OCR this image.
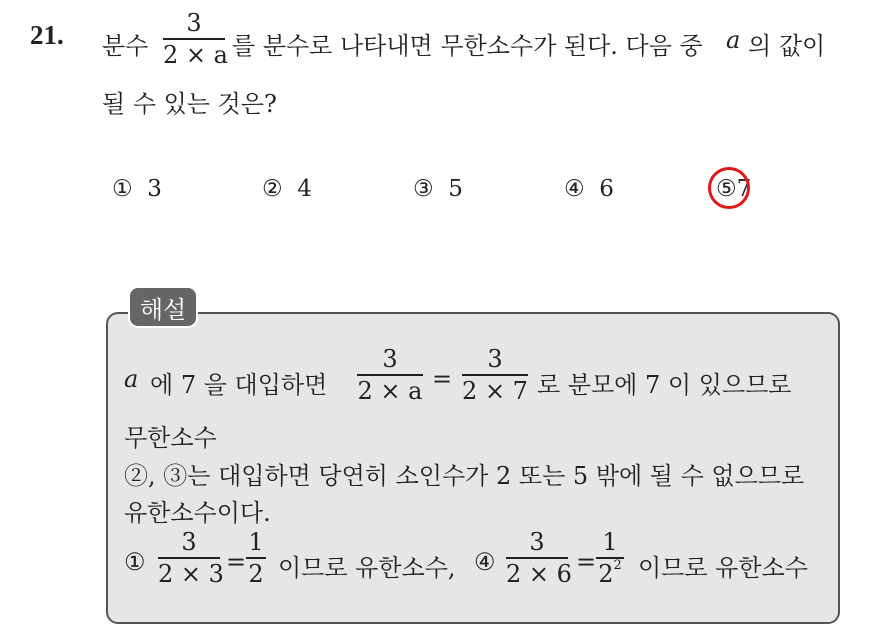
21. 분수
3
2 × a 를 분수로 나타내면 무한소수가 된다. 다음 중 a 의 값이
될 수 있는 것은?
① 3	② 4	③ 5	④ 6	⑤7
해설
a 에 7 을 대입하면
3
2 × a =
3
2 × 7 로 분모에 7 이 있으므로
무한소수
②, ③는 대입하면 당연히 소인수가 2 또는 5 밖에 될 수 없으므로
유한소수이다.
①
3
2 × 3 =
1
2 이므로 유한소수, ④
3
2 × 6 =
1
$2^2$ 이므로 유한소수
